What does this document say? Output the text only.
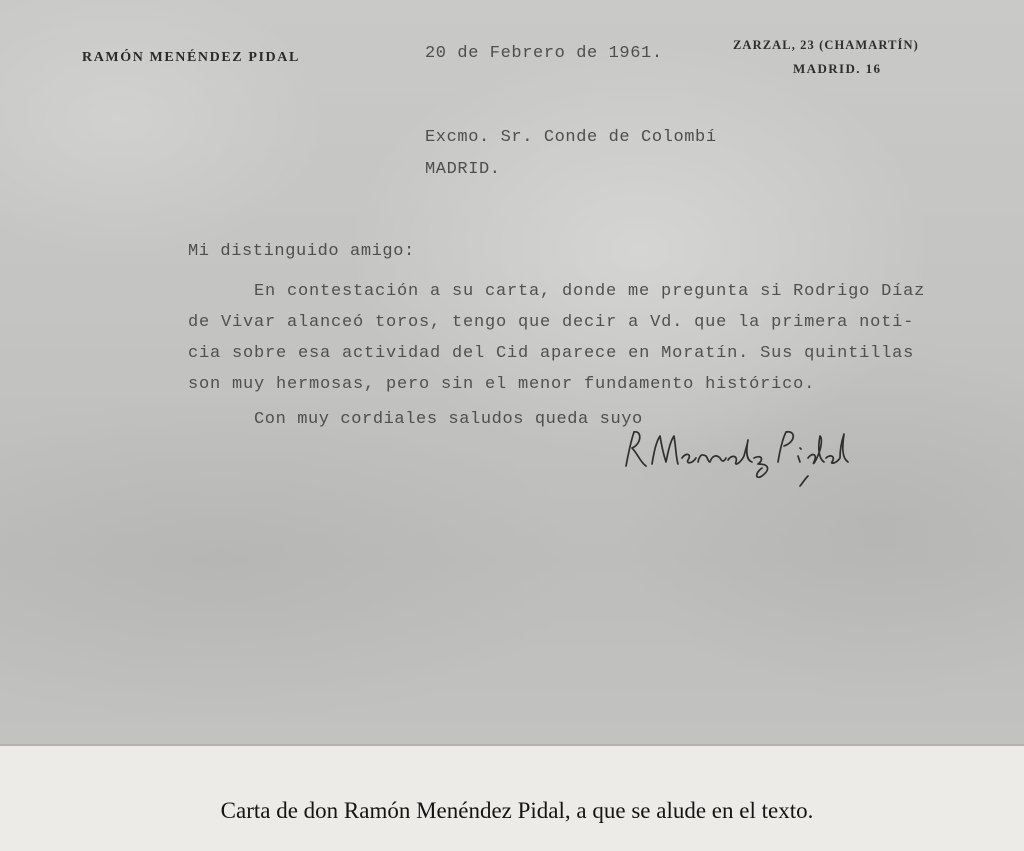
RAMÓN MENÉNDEZ PIDAL	20 de Febrero de 1961.	ZARZAL, 23 (CHAMARTÍN)
MADRID. 16
Excmo. Sr. Conde de Colombí
MADRID.
Mi distinguido amigo:
En contestación a su carta, donde me pregunta si Rodrigo Díaz
de Vivar alanceó toros, tengo que decir a Vd. que la primera noti-
cia sobre esa actividad del Cid aparece en Moratín. Sus quintillas
son muy hermosas, pero sin el menor fundamento histórico.
Con muy cordiales saludos queda suyo
Carta de don Ramón Menéndez Pidal, a que se alude en el texto.
